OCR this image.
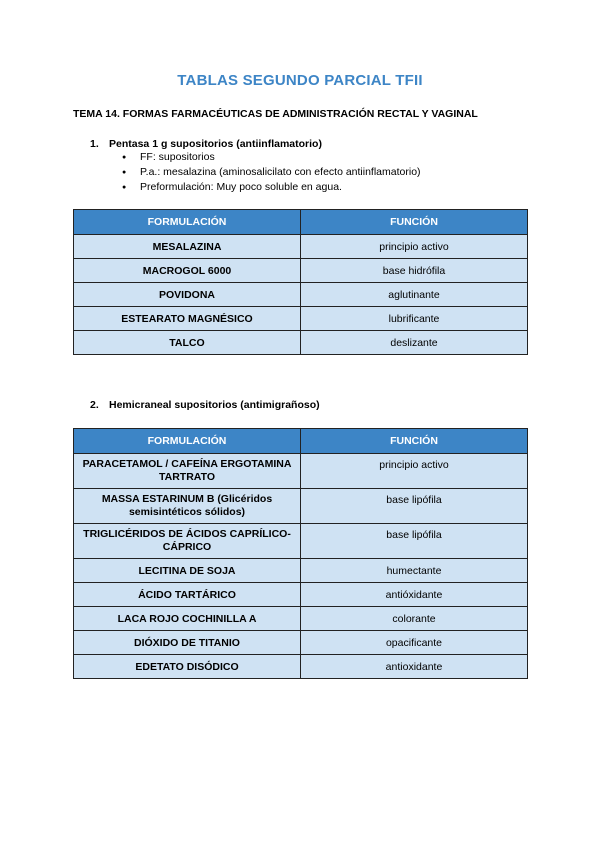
TABLAS SEGUNDO PARCIAL TFII
TEMA 14. FORMAS FARMACÉUTICAS DE ADMINISTRACIÓN RECTAL Y VAGINAL
1. Pentasa 1 g supositorios (antiinflamatorio)
● FF: supositorios
● P.a.: mesalazina (aminosalicilato con efecto antiinflamatorio)
● Preformulación: Muy poco soluble en agua.
FORMULACIÓN	FUNCIÓN
MESALAZINA	principio activo
MACROGOL 6000	base hidrófila
POVIDONA	aglutinante
ESTEARATO MAGNÉSICO	lubrificante
TALCO	deslizante
2. Hemicraneal supositorios (antimigrañoso)
FORMULACIÓN	FUNCIÓN
PARACETAMOL / CAFEÍNA ERGOTAMINA TARTRATO	principio activo
MASSA ESTARINUM B (Glicéridos semisintéticos sólidos)	base lipófila
TRIGLICÉRIDOS DE ÁCIDOS CAPRÍLICO-CÁPRICO	base lipófila
LECITINA DE SOJA	humectante
ÁCIDO TARTÁRICO	antióxidante
LACA ROJO COCHINILLA A	colorante
DIÓXIDO DE TITANIO	opacificante
EDETATO DISÓDICO	antioxidante
